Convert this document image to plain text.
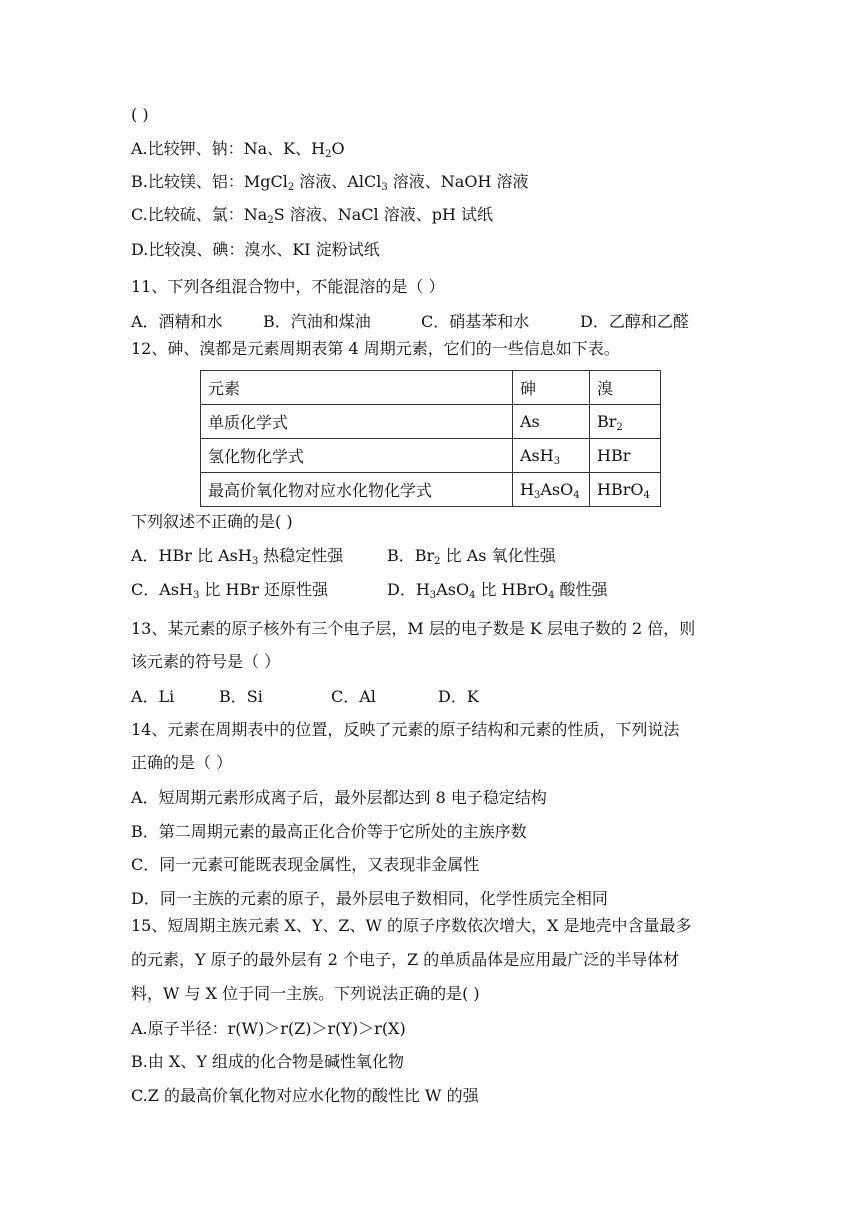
( )
A.比较钾、钠：Na、K、$H_2O$
B.比较镁、铝：MgCl$_2$ 溶液、AlCl$_3$ 溶液、NaOH 溶液
C.比较硫、氯：$Na_2S$ 溶液、NaCl 溶液、pH 试纸
D.比较溴、碘：溴水、KI 淀粉试纸
11、下列各组混合物中，不能混溶的是（ ）
A．酒精和水	B．汽油和煤油	C．硝基苯和水	D．乙醇和乙醛
12、砷、溴都是元素周期表第 4 周期元素，它们的一些信息如下表。
元素	砷	溴
单质化学式	As	$Br_2$
氢化物化学式	AsH$_3$	HBr
最高价氧化物对应水化物化学式	$H_3AsO_4$	HBrO$_4$
下列叙述不正确的是( )
A．HBr 比 AsH$_3$ 热稳定性强	B．$Br_2$ 比 As 氧化性强
C．AsH$_3$ 比 HBr 还原性强	D．$H_3AsO_4$ 比 HBrO$_4$ 酸性强
13、某元素的原子核外有三个电子层，M 层的电子数是 K 层电子数的 2 倍，则
该元素的符号是（ ）
A．Li	B．Si	C．Al	D．K
14、元素在周期表中的位置，反映了元素的原子结构和元素的性质，下列说法
正确的是（ ）
A．短周期元素形成离子后，最外层都达到 8 电子稳定结构
B．第二周期元素的最高正化合价等于它所处的主族序数
C．同一元素可能既表现金属性，又表现非金属性
D．同一主族的元素的原子，最外层电子数相同，化学性质完全相同
15、短周期主族元素 X、Y、Z、W 的原子序数依次增大，X 是地壳中含量最多
的元素，Y 原子的最外层有 2 个电子，Z 的单质晶体是应用最广泛的半导体材
料，W 与 X 位于同一主族。下列说法正确的是( )
A.原子半径：r(W)＞r(Z)＞r(Y)＞r(X)
B.由 X、Y 组成的化合物是碱性氧化物
C.Z 的最高价氧化物对应水化物的酸性比 W 的强
